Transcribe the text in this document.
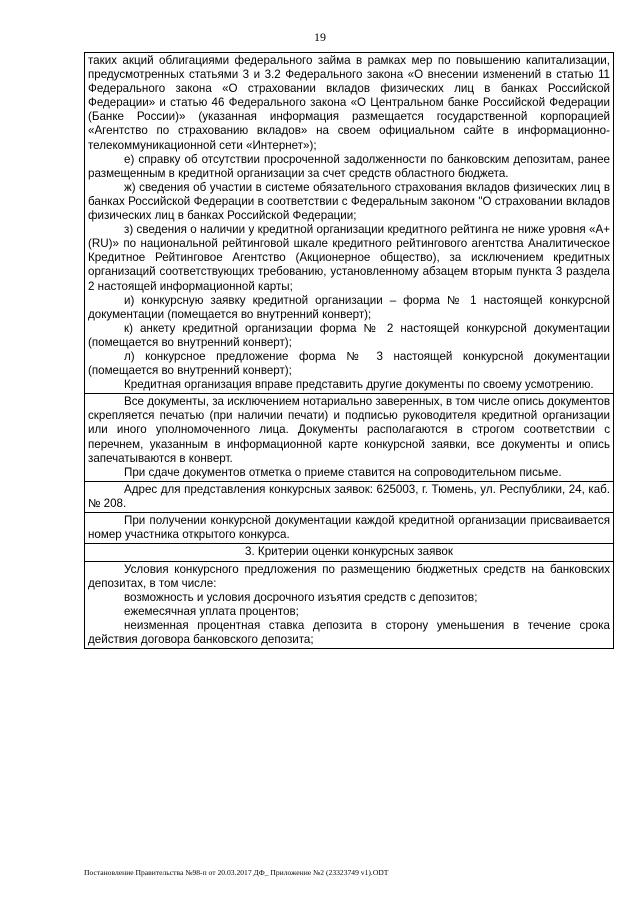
19

таких акций облигациями федерального займа в рамках мер по повышению капитализации, предусмотренных статьями 3 и 3.2 Федерального закона «О внесении изменений в статью 11 Федерального закона «О страховании вкладов физических лиц в банках Российской Федерации» и статью 46 Федерального закона «О Центральном банке Российской Федерации (Банке России)» (указанная информация размещается государственной корпорацией «Агентство по страхованию вкладов» на своем официальном сайте в информационно-телекоммуникационной сети «Интернет»);

е) справку об отсутствии просроченной задолженности по банковским депозитам, ранее размещенным в кредитной организации за счет средств областного бюджета.

ж) сведения об участии в системе обязательного страхования вкладов физических лиц в банках Российской Федерации в соответствии с Федеральным законом "О страховании вкладов физических лиц в банках Российской Федерации;

з) сведения о наличии у кредитной организации кредитного рейтинга не ниже уровня «A+(RU)» по национальной рейтинговой шкале кредитного рейтингового агентства Аналитическое Кредитное Рейтинговое Агентство (Акционерное общество), за исключением кредитных организаций соответствующих требованию, установленному абзацем вторым пункта 3 раздела 2 настоящей информационной карты;

и) конкурсную заявку кредитной организации – форма № 1 настоящей конкурсной документации (помещается во внутренний конверт);

к) анкету кредитной организации форма № 2 настоящей конкурсной документации (помещается во внутренний конверт);

л) конкурсное предложение форма № 3 настоящей конкурсной документации (помещается во внутренний конверт);

Кредитная организация вправе представить другие документы по своему усмотрению.

Все документы, за исключением нотариально заверенных, в том числе опись документов скрепляется печатью (при наличии печати) и подписью руководителя кредитной организации или иного уполномоченного лица. Документы располагаются в строгом соответствии с перечнем, указанным в информационной карте конкурсной заявки, все документы и опись запечатываются в конверт.

При сдаче документов отметка о приеме ставится на сопроводительном письме.

Адрес для представления конкурсных заявок: 625003, г. Тюмень, ул. Республики, 24, каб. № 208.

При получении конкурсной документации каждой кредитной организации присваивается номер участника открытого конкурса.

3. Критерии оценки конкурсных заявок

Условия конкурсного предложения по размещению бюджетных средств на банковских депозитах, в том числе:

возможность и условия досрочного изъятия средств с депозитов;

ежемесячная уплата процентов;

неизменная процентная ставка депозита в сторону уменьшения в течение срока действия договора банковского депозита;

Постановление Правительства №98-п от 20.03.2017 ДФ_ Приложение №2 (23323749 v1).ODT
